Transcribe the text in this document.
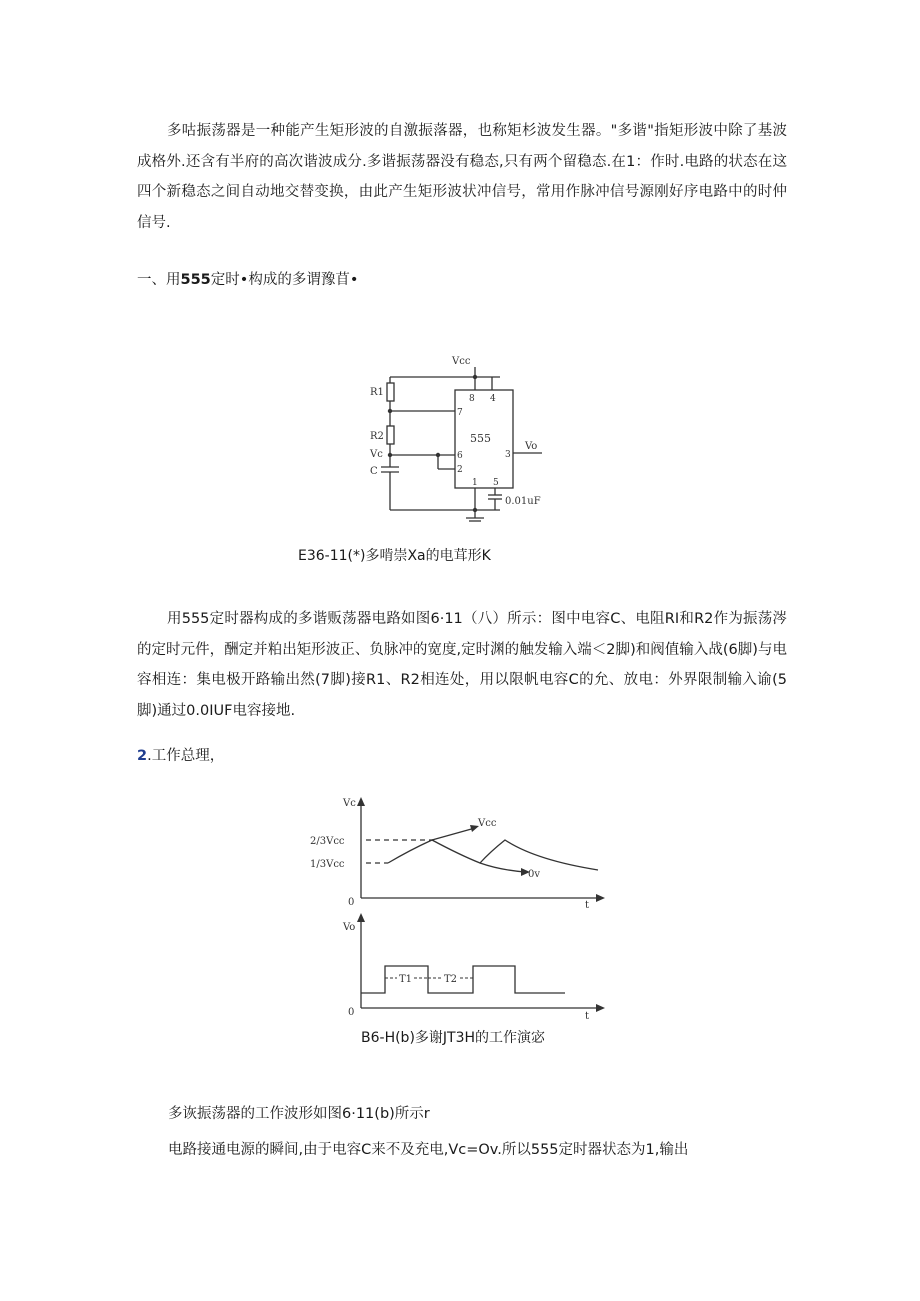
多咕振荡器是一种能产生矩形波的自激振落器，也称矩杉波发生器。"多谐"指矩形波中除了基波成格外.还含有半府的高次谐波成分.多谐振荡器没有稳态,只有两个留稳态.在1：作时.电路的状态在这四个新稳态之间自动地交替变换，由此产生矩形波状冲信号，常用作脉冲信号源刚好序电路中的时仲信号.

一、用555定时•构成的多谓豫苜•

Vcc
R1
R2
Vc
C
555
Vo
8 4
7
6
2
3
1 5
0.01uF

E36-11(*)多啃崇Xa的电茸形K

用555定时器构成的多谐贩荡器电路如图6·11（八）所示：图中电容C、电阻RI和R2作为振荡涔的定时元件，酬定并粕出矩形波正、负脉冲的宽度,定时渊的触发输入端＜2脚)和阀值输入战(6脚)与电容相连：集电极开路输出然(7脚)接R1、R2相连处，用以限帆电容C的允、放电：外界限制输入谕(5脚)通过0.0IUF电容接地.

2.工作总理，

Vc
2/3Vcc
1/3Vcc
Vcc
0v
0	t
Vo
0	t
T1	T2

B6-H(b)多谢JT3H的工作演宓

多诙振荡器的工作波形如图6·11(b)所示r

电路接通电源的瞬间,由于电容C来不及充电,Vc=Ov.所以555定时器状态为1,输出
